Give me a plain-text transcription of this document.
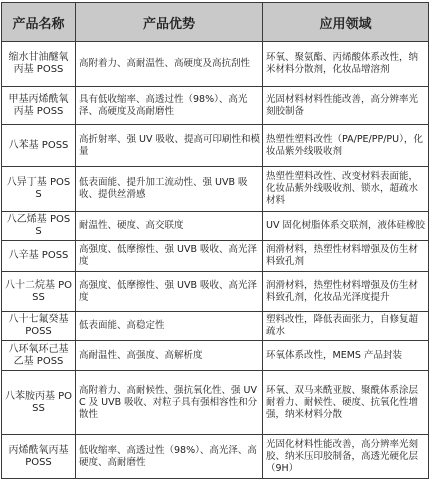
产品名称	产品优势	应用领域
缩水甘油醚氧丙基 POSS	高附着力、高耐温性、高硬度及高抗刮性	环氧、聚氨酯、丙烯酸体系改性，纳米材料分散剂，化妆品增溶剂
甲基丙烯酰氧丙基 POSS	具有低收缩率、高透过性（98%）、高光泽、高硬度及高耐磨性	光固材料材料性能改善，高分辨率光刻胶制备
八苯基 POSS	高折射率、强 UV 吸收、提高可印刷性和模量	热塑性塑料改性（PA/PE/PP/PU），化妆品紫外线吸收剂
八异丁基 POSS	低表面能、提升加工流动性、强 UVB 吸收、提供丝滑感	热塑性塑料改性、改变材料表面能，化妆品紫外线吸收剂、锁水，超疏水材料
八乙烯基 POSS	耐温性、硬度、高交联度	UV 固化树脂体系交联剂，液体硅橡胶
八辛基 POSS	高强度、低摩擦性、强 UVB 吸收、高光泽度	润滑材料，热塑性材料增强及仿生材料致孔剂
八十二烷基 POSS	高强度、低摩擦性、强 UVB 吸收、高光泽度	润滑材料，热塑性材料增强及仿生材料致孔剂，化妆品光泽度提升
八十七氟癸基 POSS	低表面能、高稳定性	塑料改性，降低表面张力，自修复超疏水
八环氧环己基乙基 POSS	高耐温性、高强度、高解析度	环氧体系改性，MEMS 产品封装
八苯胺丙基 POSS	高附着力、高耐候性、强抗氧化性、强 UVC 及 UVB 吸收、对粒子具有强相容性和分散性	环氧、双马来酰亚胺、聚酰体系涂层耐着力、耐候性、硬度、抗氧化性增强，纳米材料分散
丙烯酰氧丙基 POSS	低收缩率、高透过性（98%）、高光泽、高硬度、高耐磨性	光固化材料性能改善，高分辨率光刻胶、纳米压印胶制备，高透光硬化层（9H）
